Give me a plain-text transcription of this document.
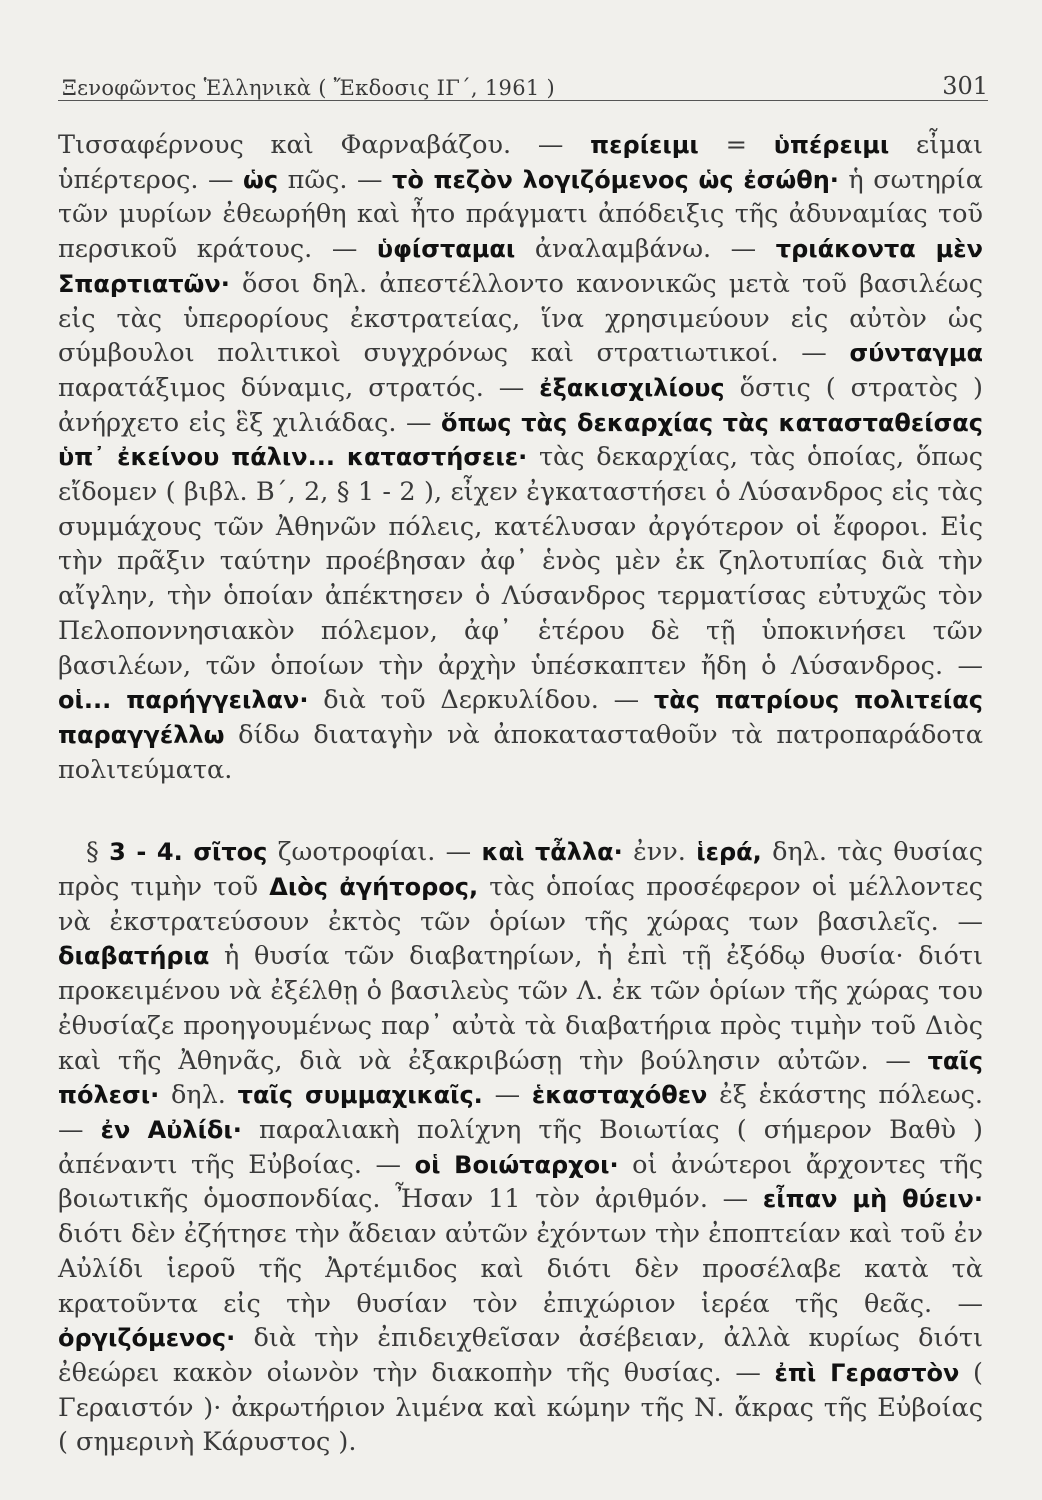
Ξενοφῶντος Ἑλληνικὰ ( Ἔκδοσις ΙΓ΄, 1961 )	301

Τισσαφέρνους καὶ Φαρναβάζου. — περίειμι = ὑπέρειμι εἶμαι ὑπέρτερος. — ὡς πῶς. — τὸ πεζὸν λογιζόμενος ὡς ἐσώθη· ἡ σωτηρία τῶν μυρίων ἐθεωρήθη καὶ ἦτο πράγματι ἀπόδειξις τῆς ἀδυναμίας τοῦ περσικοῦ κράτους. — ὑφίσταμαι ἀναλαμβάνω. — τριάκοντα μὲν Σπαρτιατῶν· ὅσοι δηλ. ἀπεστέλλοντο κανονικῶς μετὰ τοῦ βασιλέως εἰς τὰς ὑπερορίους ἐκστρατείας, ἵνα χρησιμεύουν εἰς αὐτὸν ὡς σύμβουλοι πολιτικοὶ συγχρόνως καὶ στρατιωτικοί. — σύνταγμα παρατάξιμος δύναμις, στρατός. — ἐξακισχιλίους ὅστις ( στρατὸς ) ἀνήρχετο εἰς ἓξ χιλιάδας. — ὅπως τὰς δεκαρχίας τὰς κατασταθείσας ὑπ᾽ ἐκείνου πάλιν... καταστήσειε· τὰς δεκαρχίας, τὰς ὁποίας, ὅπως εἴδομεν ( βιβλ. Β΄, 2, § 1 - 2 ), εἶχεν ἐγκαταστήσει ὁ Λύσανδρος εἰς τὰς συμμάχους τῶν Ἀθηνῶν πόλεις, κατέλυσαν ἀργότερον οἱ ἔφοροι. Εἰς τὴν πρᾶξιν ταύτην προέβησαν ἀφ᾽ ἑνὸς μὲν ἐκ ζηλοτυπίας διὰ τὴν αἴγλην, τὴν ὁποίαν ἀπέκτησεν ὁ Λύσανδρος τερματίσας εὐτυχῶς τὸν Πελοποννησιακὸν πόλεμον, ἀφ᾽ ἑτέρου δὲ τῇ ὑποκινήσει τῶν βασιλέων, τῶν ὁποίων τὴν ἀρχὴν ὑπέσκαπτεν ἤδη ὁ Λύσανδρος. — οἱ... παρήγγειλαν· διὰ τοῦ Δερκυλίδου. — τὰς πατρίους πολιτείας παραγγέλλω δίδω διαταγὴν νὰ ἀποκατασταθοῦν τὰ πατροπαράδοτα πολιτεύματα.

§ 3 - 4. σῖτος ζωοτροφίαι. — καὶ τἆλλα· ἐνν. ἱερά, δηλ. τὰς θυσίας πρὸς τιμὴν τοῦ Διὸς ἀγήτορος, τὰς ὁποίας προσέφερον οἱ μέλλοντες νὰ ἐκστρατεύσουν ἐκτὸς τῶν ὁρίων τῆς χώρας των βασιλεῖς. — διαβατήρια ἡ θυσία τῶν διαβατηρίων, ἡ ἐπὶ τῇ ἐξόδῳ θυσία· διότι προκειμένου νὰ ἐξέλθῃ ὁ βασιλεὺς τῶν Λ. ἐκ τῶν ὁρίων τῆς χώρας του ἐθυσίαζε προηγουμένως παρ᾽ αὐτὰ τὰ διαβατήρια πρὸς τιμὴν τοῦ Διὸς καὶ τῆς Ἀθηνᾶς, διὰ νὰ ἐξακριβώσῃ τὴν βούλησιν αὐτῶν. — ταῖς πόλεσι· δηλ. ταῖς συμμαχικαῖς. — ἑκασταχόθεν ἐξ ἑκάστης πόλεως. — ἐν Αὐλίδι· παραλιακὴ πολίχνη τῆς Βοιωτίας ( σήμερον Βαθὺ ) ἀπέναντι τῆς Εὐβοίας. — οἱ Βοιώταρχοι· οἱ ἀνώτεροι ἄρχοντες τῆς βοιωτικῆς ὁμοσπονδίας. Ἦσαν 11 τὸν ἀριθμόν. — εἶπαν μὴ θύειν· διότι δὲν ἐζήτησε τὴν ἄδειαν αὐτῶν ἐχόντων τὴν ἐποπτείαν καὶ τοῦ ἐν Αὐλίδι ἱεροῦ τῆς Ἀρτέμιδος καὶ διότι δὲν προσέλαβε κατὰ τὰ κρατοῦντα εἰς τὴν θυσίαν τὸν ἐπιχώριον ἱερέα τῆς θεᾶς. — ὀργιζόμενος· διὰ τὴν ἐπιδειχθεῖσαν ἀσέβειαν, ἀλλὰ κυρίως διότι ἐθεώρει κακὸν οἰωνὸν τὴν διακοπὴν τῆς θυσίας. — ἐπὶ Γεραστὸν ( Γεραιστόν )· ἀκρωτήριον λιμένα καὶ κώμην τῆς Ν. ἄκρας τῆς Εὐβοίας ( σημερινὴ Κάρυστος ).
